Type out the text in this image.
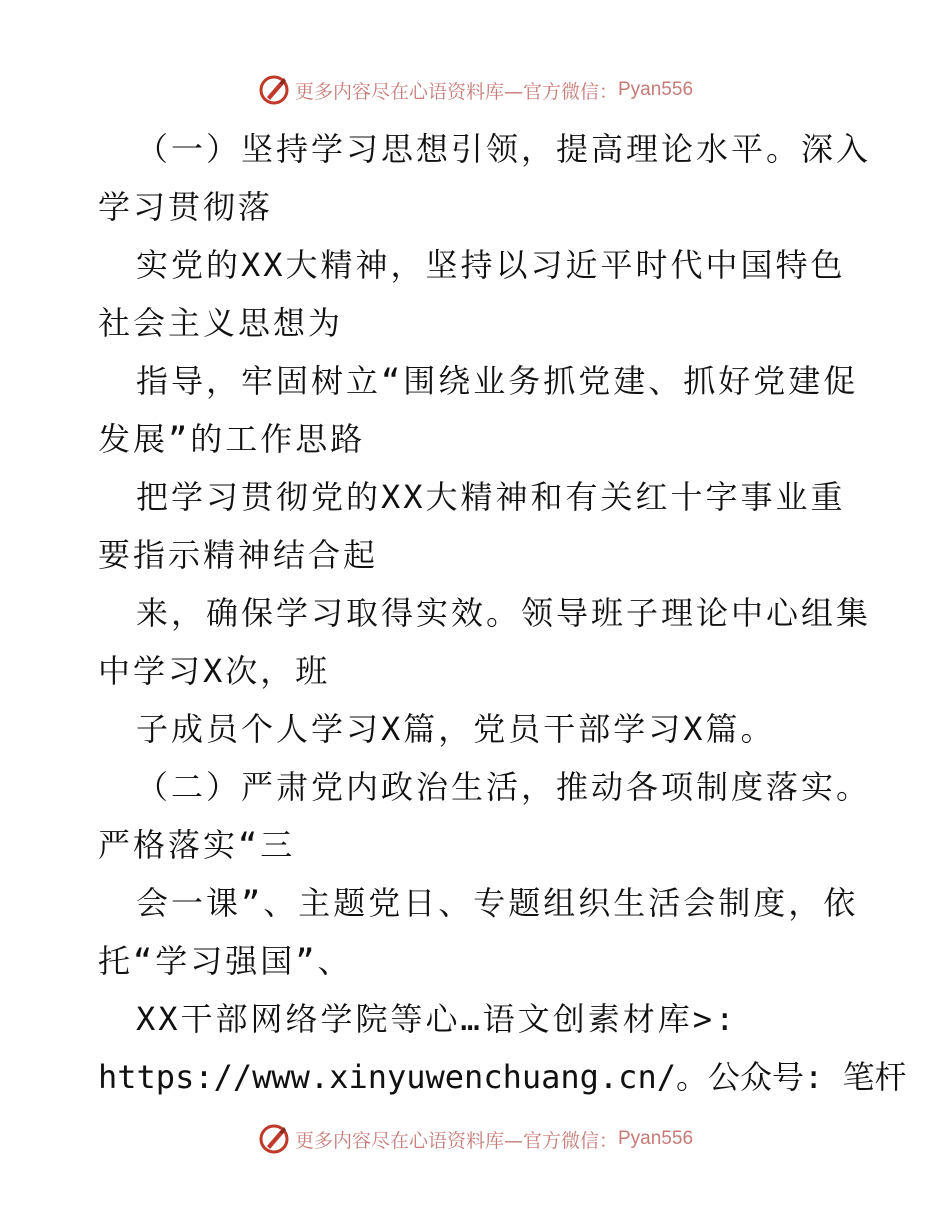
更多内容尽在心语资料库—官方微信： Pyan556
（一）坚持学习思想引领，提高理论水平。深入
学习贯彻落
实党的XX大精神，坚持以习近平时代中国特色
社会主义思想为
指导，牢固树立“围绕业务抓党建、抓好党建促
发展”的工作思路
把学习贯彻党的XX大精神和有关红十字事业重
要指示精神结合起
来，确保学习取得实效。领导班子理论中心组集
中学习X次，班
子成员个人学习X篇，党员干部学习X篇。
（二）严肃党内政治生活，推动各项制度落实。
严格落实“三
会一课”、主题党日、专题组织生活会制度，依
托“学习强国”、
XX干部网络学院等心…语文创素材库>:
https://www.xinyuwenchuang.cn/。公众号: 笔杆
更多内容尽在心语资料库—官方微信： Pyan556
